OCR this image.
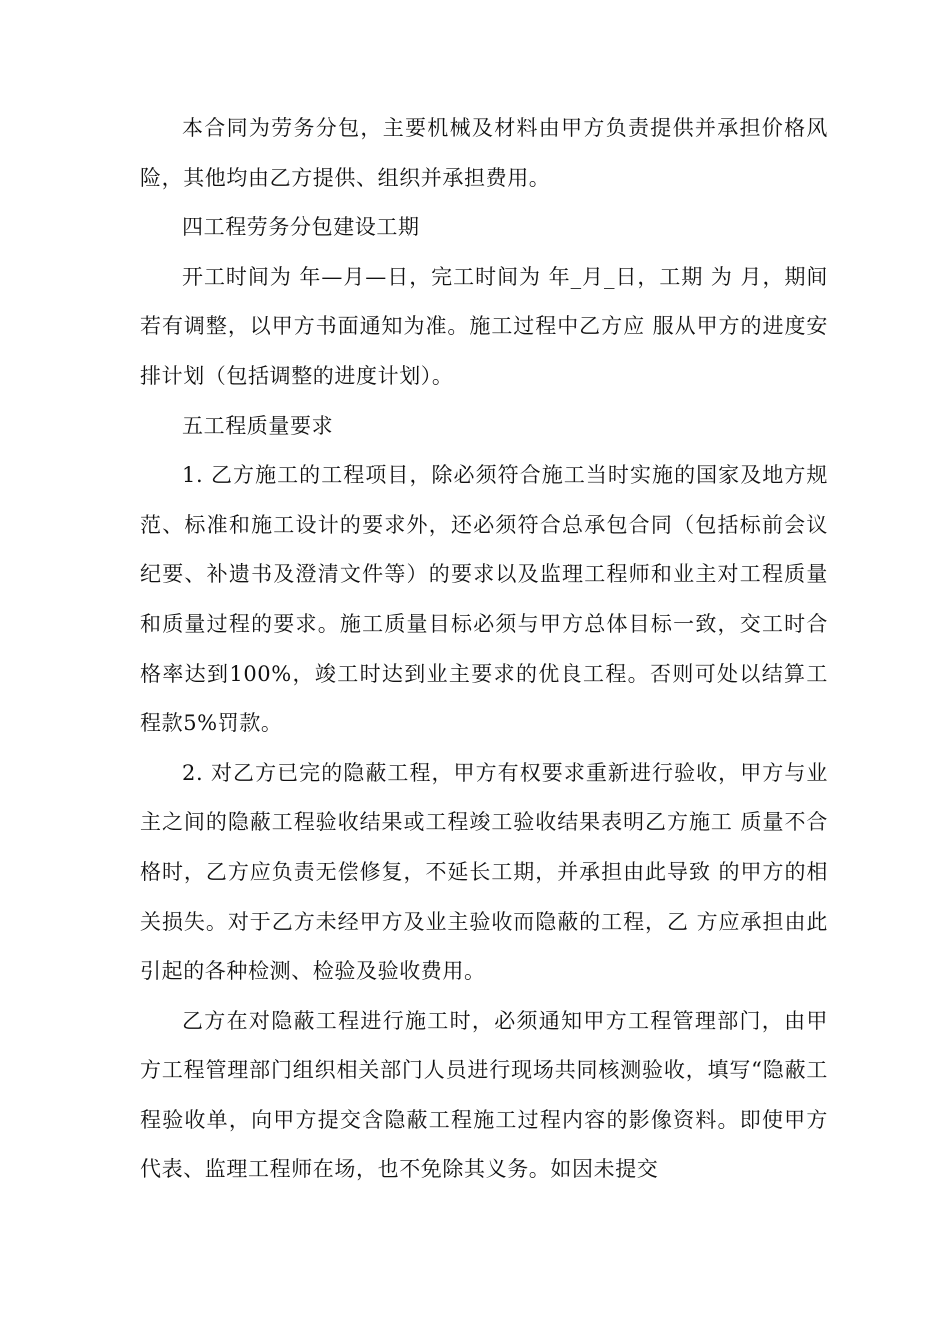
本合同为劳务分包，主要机械及材料由甲方负责提供并承担价格风险，其他均由乙方提供、组织并承担费用。

四工程劳务分包建设工期

开工时间为 年—月—日，完工时间为 年_月_日，工期 为 月，期间若有调整，以甲方书面通知为准。施工过程中乙方应 服从甲方的进度安排计划（包括调整的进度计划）。

五工程质量要求

1. 乙方施工的工程项目，除必须符合施工当时实施的国家及地方规范、标准和施工设计的要求外，还必须符合总承包合同（包括标前会议纪要、补遗书及澄清文件等）的要求以及监理工程师和业主对工程质量和质量过程的要求。施工质量目标必须与甲方总体目标一致，交工时合格率达到100%，竣工时达到业主要求的优良工程。否则可处以结算工程款5%罚款。

2. 对乙方已完的隐蔽工程，甲方有权要求重新进行验收，甲方与业主之间的隐蔽工程验收结果或工程竣工验收结果表明乙方施工 质量不合格时，乙方应负责无偿修复，不延长工期，并承担由此导致 的甲方的相关损失。对于乙方未经甲方及业主验收而隐蔽的工程，乙 方应承担由此引起的各种检测、检验及验收费用。

乙方在对隐蔽工程进行施工时，必须通知甲方工程管理部门，由甲方工程管理部门组织相关部门人员进行现场共同核测验收，填写“隐蔽工程验收单，向甲方提交含隐蔽工程施工过程内容的影像资料。即使甲方代表、监理工程师在场，也不免除其义务。如因未提交
